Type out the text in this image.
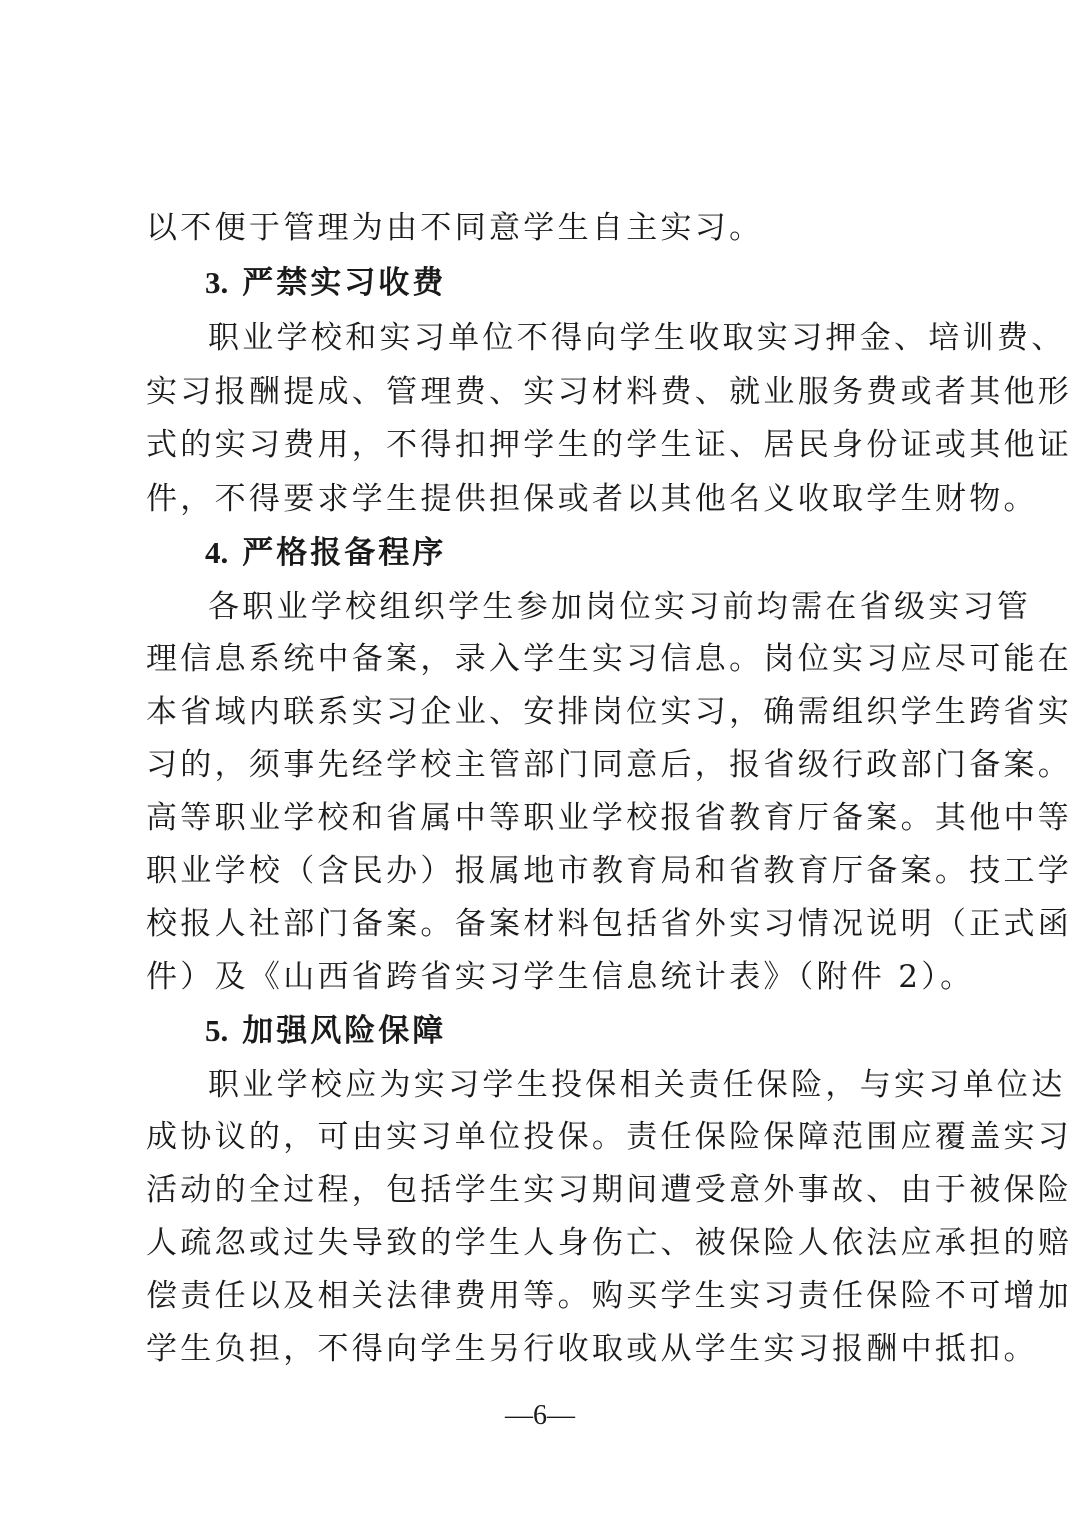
以不便于管理为由不同意学生自主实习。
3. 严禁实习收费
职业学校和实习单位不得向学生收取实习押金、培训费、
实习报酬提成、管理费、实习材料费、就业服务费或者其他形
式的实习费用，不得扣押学生的学生证、居民身份证或其他证
件，不得要求学生提供担保或者以其他名义收取学生财物。
4. 严格报备程序
各职业学校组织学生参加岗位实习前均需在省级实习管
理信息系统中备案，录入学生实习信息。岗位实习应尽可能在
本省域内联系实习企业、安排岗位实习，确需组织学生跨省实
习的，须事先经学校主管部门同意后，报省级行政部门备案。
高等职业学校和省属中等职业学校报省教育厅备案。其他中等
职业学校（含民办）报属地市教育局和省教育厅备案。技工学
校报人社部门备案。备案材料包括省外实习情况说明（正式函
件）及《山西省跨省实习学生信息统计表》（附件 2）。
5. 加强风险保障
职业学校应为实习学生投保相关责任保险，与实习单位达
成协议的，可由实习单位投保。责任保险保障范围应覆盖实习
活动的全过程，包括学生实习期间遭受意外事故、由于被保险
人疏忽或过失导致的学生人身伤亡、被保险人依法应承担的赔
偿责任以及相关法律费用等。购买学生实习责任保险不可增加
学生负担，不得向学生另行收取或从学生实习报酬中抵扣。
—6—
